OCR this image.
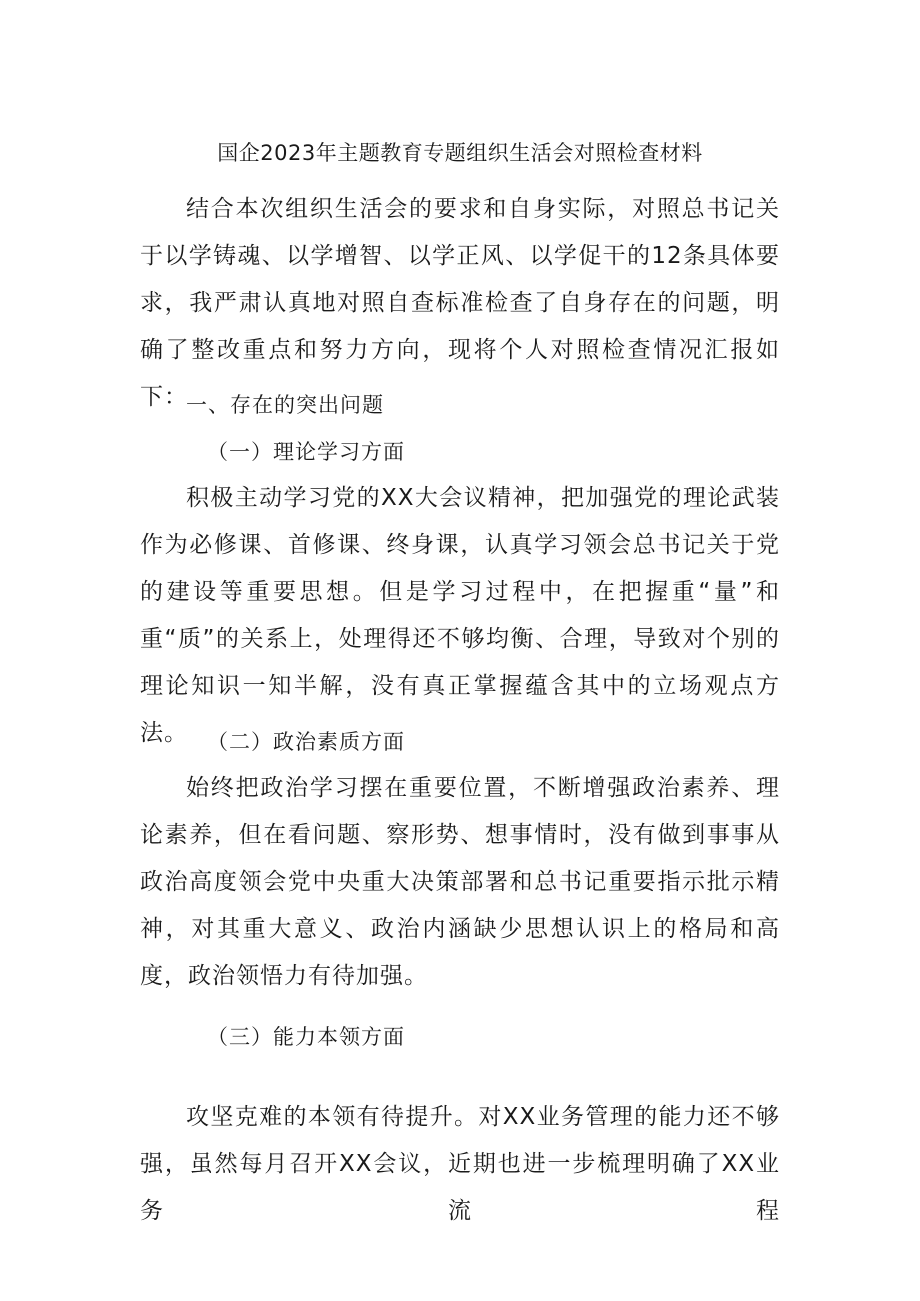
国企2023年主题教育专题组织生活会对照检查材料

结合本次组织生活会的要求和自身实际，对照总书记关于以学铸魂、以学增智、以学正风、以学促干的12条具体要求，我严肃认真地对照自查标准检查了自身存在的问题，明确了整改重点和努力方向，现将个人对照检查情况汇报如下：

一、存在的突出问题
（一）理论学习方面

积极主动学习党的XX大会议精神，把加强党的理论武装作为必修课、首修课、终身课，认真学习领会总书记关于党的建设等重要思想。但是学习过程中，在把握重“量”和重“质”的关系上，处理得还不够均衡、合理，导致对个别的理论知识一知半解，没有真正掌握蕴含其中的立场观点方法。 （二）政治素质方面

始终把政治学习摆在重要位置，不断增强政治素养、理论素养，但在看问题、察形势、想事情时，没有做到事事从政治高度领会党中央重大决策部署和总书记重要指示批示精神，对其重大意义、政治内涵缺少思想认识上的格局和高度，政治领悟力有待加强。

（三）能力本领方面

攻坚克难的本领有待提升。对XX业务管理的能力还不够强，虽然每月召开XX会议，近期也进一步梳理明确了XX业务流程
